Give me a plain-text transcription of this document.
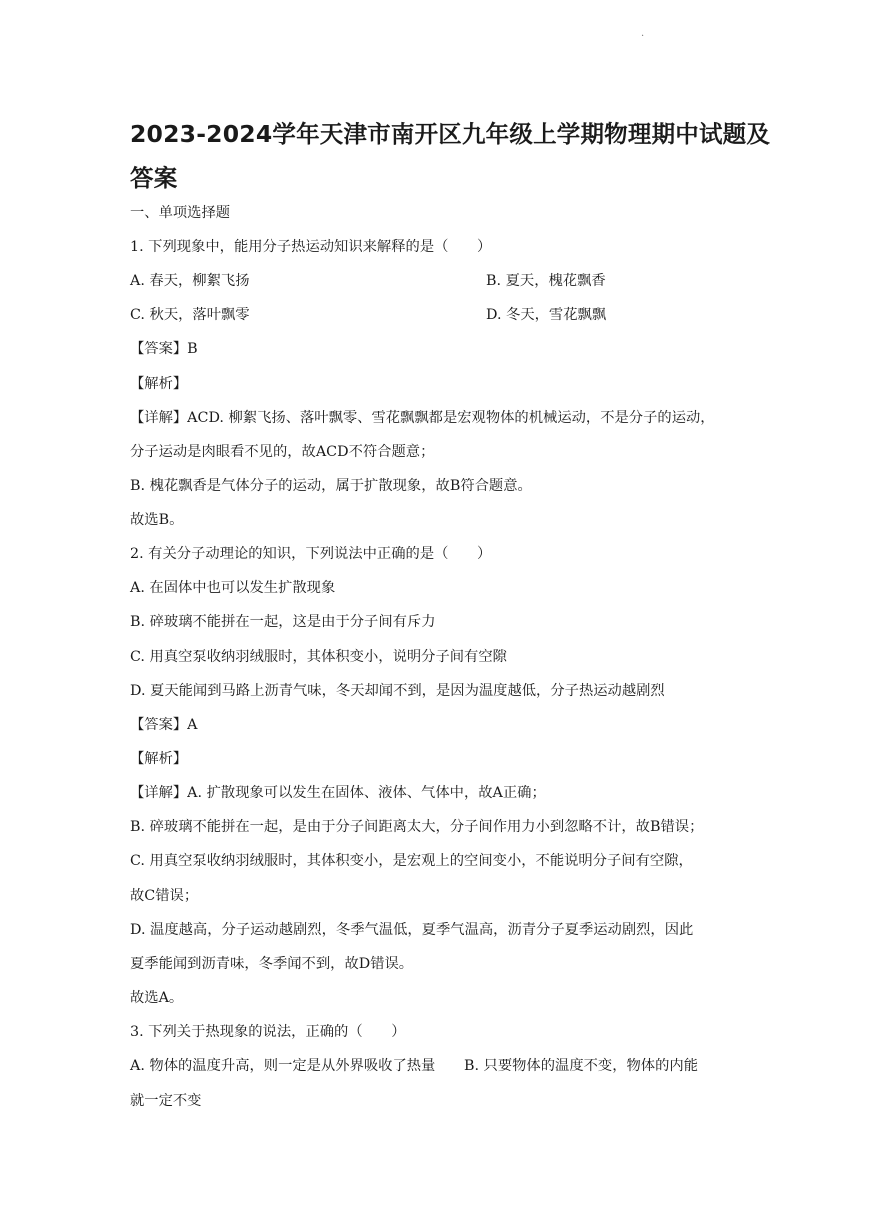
.
2023-2024学年天津市南开区九年级上学期物理期中试题及
答案
一、单项选择题
1. 下列现象中，能用分子热运动知识来解释的是（　　）
A. 春天，柳絮飞扬	B. 夏天，槐花飘香
C. 秋天，落叶飘零	D. 冬天，雪花飘飘
【答案】B
【解析】
【详解】ACD. 柳絮飞扬、落叶飘零、雪花飘飘都是宏观物体的机械运动，不是分子的运动，
分子运动是肉眼看不见的，故ACD不符合题意；
B. 槐花飘香是气体分子的运动，属于扩散现象，故B符合题意。
故选B。
2. 有关分子动理论的知识，下列说法中正确的是（　　）
A. 在固体中也可以发生扩散现象
B. 碎玻璃不能拼在一起，这是由于分子间有斥力
C. 用真空泵收纳羽绒服时，其体积变小，说明分子间有空隙
D. 夏天能闻到马路上沥青气味，冬天却闻不到，是因为温度越低，分子热运动越剧烈
【答案】A
【解析】
【详解】A. 扩散现象可以发生在固体、液体、气体中，故A正确；
B. 碎玻璃不能拼在一起，是由于分子间距离太大，分子间作用力小到忽略不计，故B错误；
C. 用真空泵收纳羽绒服时，其体积变小，是宏观上的空间变小，不能说明分子间有空隙，
故C错误；
D. 温度越高，分子运动越剧烈，冬季气温低，夏季气温高，沥青分子夏季运动剧烈，因此
夏季能闻到沥青味，冬季闻不到，故D错误。
故选A。
3. 下列关于热现象的说法，正确的（　　）
A. 物体的温度升高，则一定是从外界吸收了热量　　B. 只要物体的温度不变，物体的内能
就一定不变
